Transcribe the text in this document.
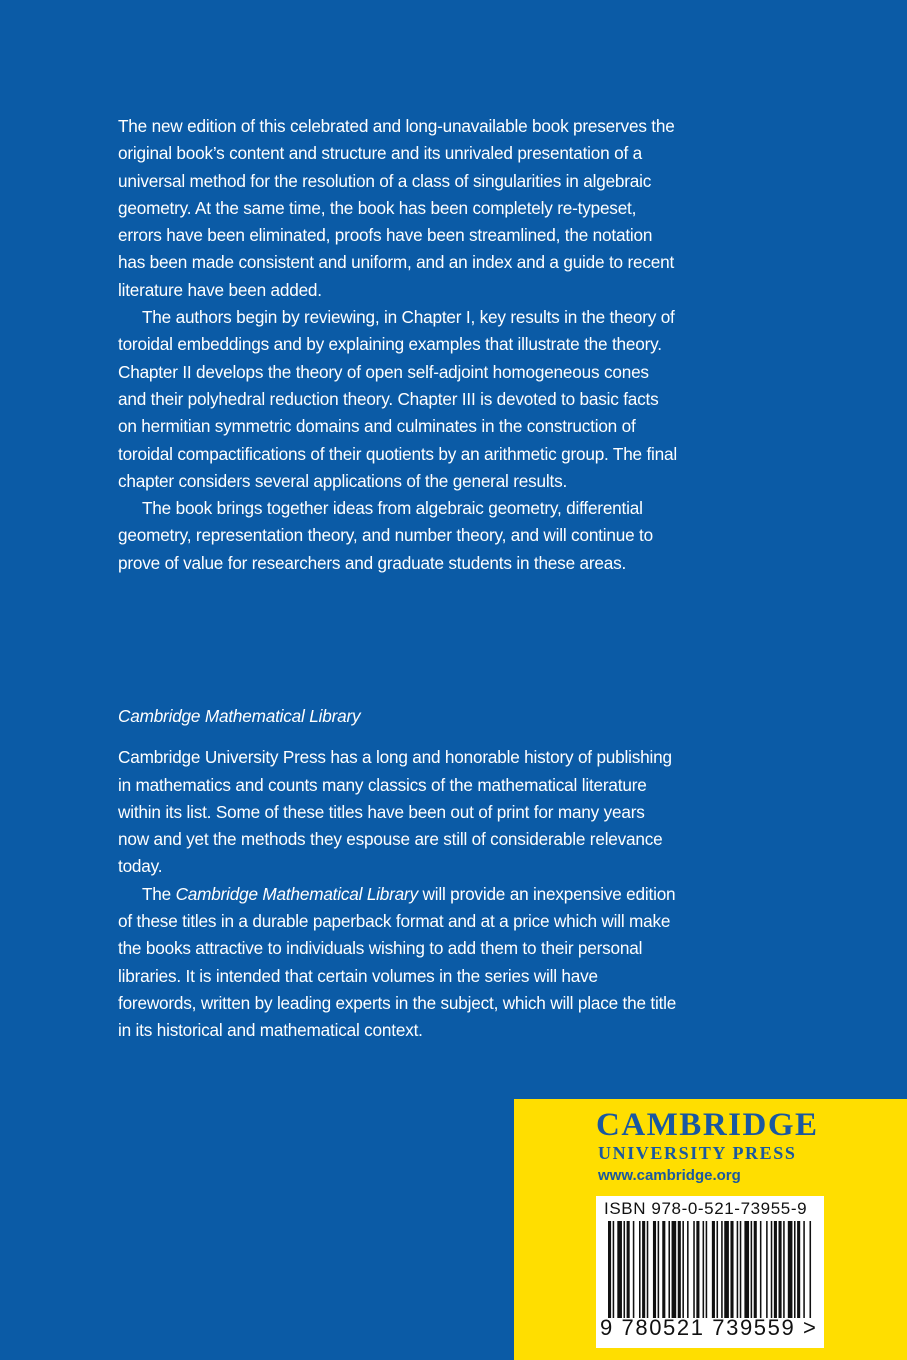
The new edition of this celebrated and long-unavailable book preserves the original book’s content and structure and its unrivaled presentation of a universal method for the resolution of a class of singularities in algebraic geometry. At the same time, the book has been completely re-typeset, errors have been eliminated, proofs have been streamlined, the notation has been made consistent and uniform, and an index and a guide to recent literature have been added.

The authors begin by reviewing, in Chapter I, key results in the theory of toroidal embeddings and by explaining examples that illustrate the theory. Chapter II develops the theory of open self-adjoint homogeneous cones and their polyhedral reduction theory. Chapter III is devoted to basic facts on hermitian symmetric domains and culminates in the construction of toroidal compactifications of their quotients by an arithmetic group. The final chapter considers several applications of the general results.

The book brings together ideas from algebraic geometry, differential geometry, representation theory, and number theory, and will continue to prove of value for researchers and graduate students in these areas.

Cambridge Mathematical Library

Cambridge University Press has a long and honorable history of publishing in mathematics and counts many classics of the mathematical literature within its list. Some of these titles have been out of print for many years now and yet the methods they espouse are still of considerable relevance today.

The Cambridge Mathematical Library will provide an inexpensive edition of these titles in a durable paperback format and at a price which will make the books attractive to individuals wishing to add them to their personal libraries. It is intended that certain volumes in the series will have forewords, written by leading experts in the subject, which will place the title in its historical and mathematical context.

CAMBRIDGE
UNIVERSITY PRESS
www.cambridge.org
ISBN 978-0-521-73955-9
9 780521 739559 >
